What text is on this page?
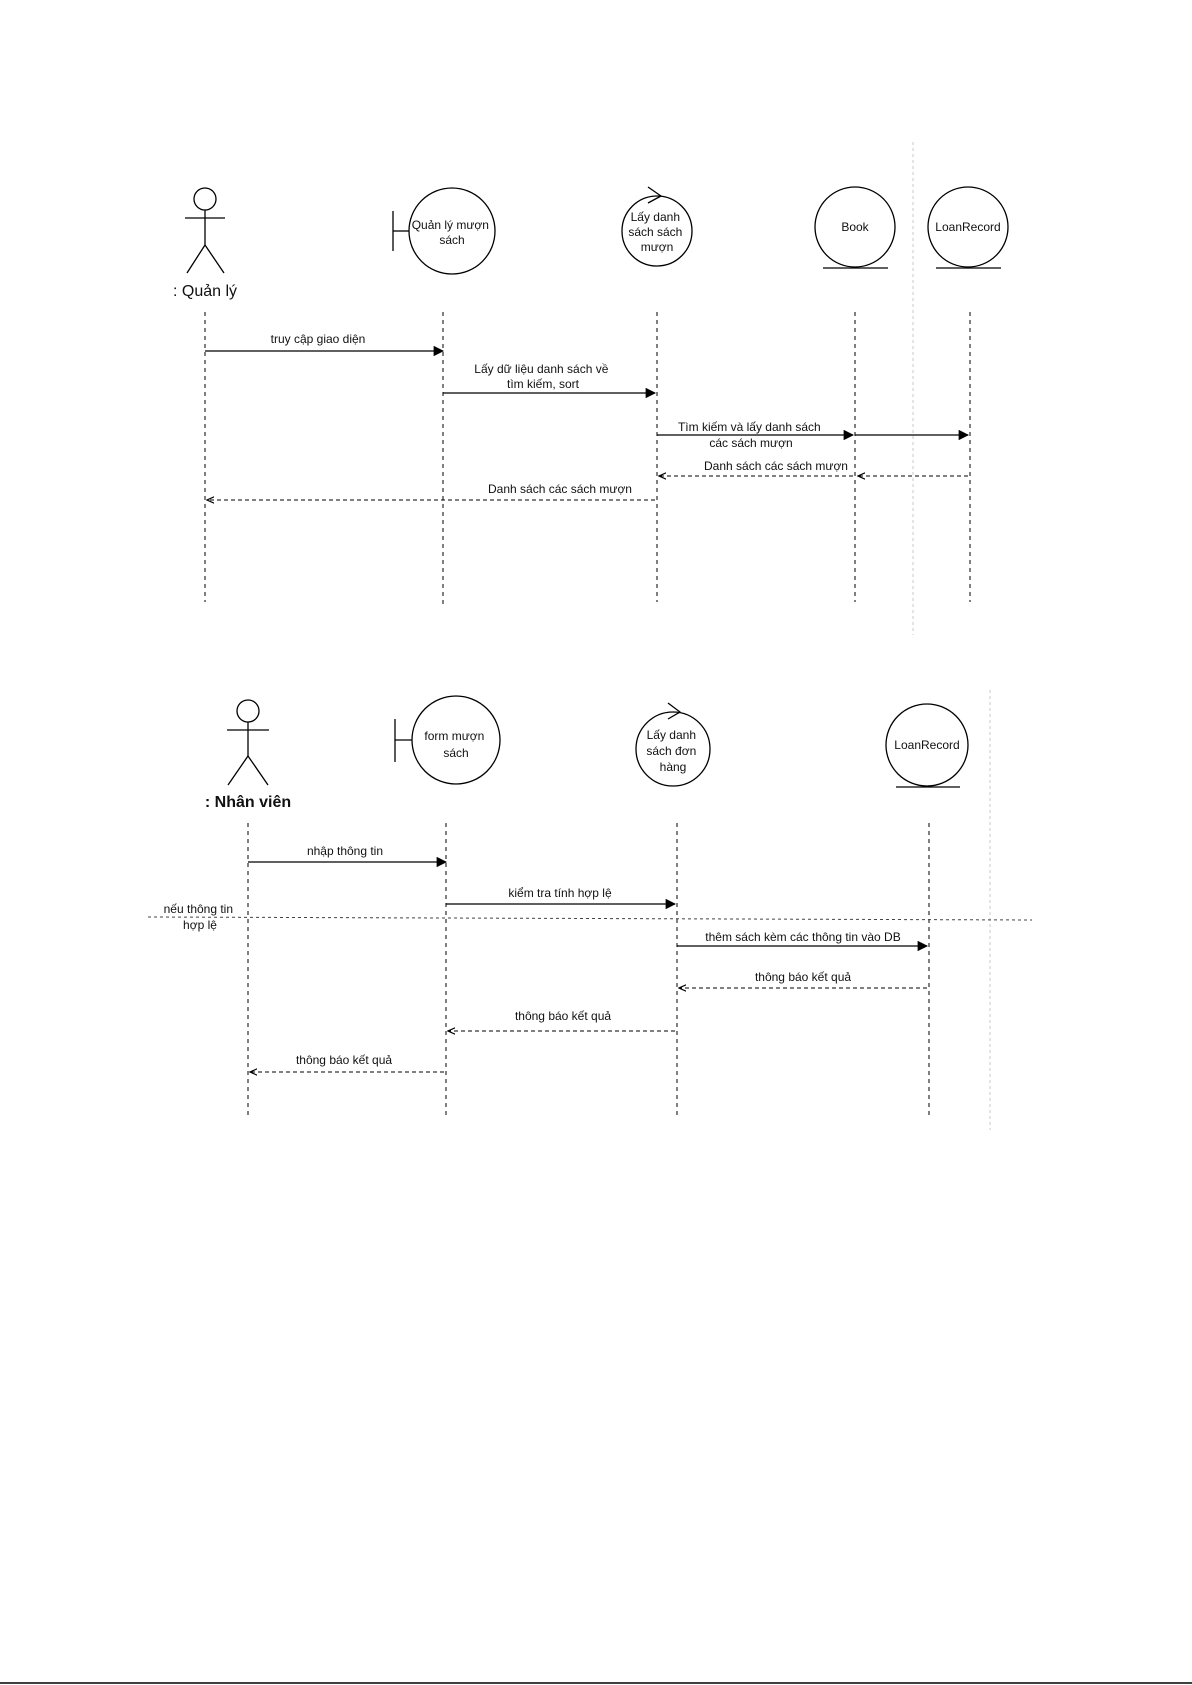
: Quản lý
Quản lý mượn sách
Lấy danh sách sách mượn
Book	LoanRecord
truy cập giao diện
Lấy dữ liệu danh sách về tìm kiếm, sort
Tìm kiếm và lấy danh sách các sách mượn
Danh sách các sách mượn
Danh sách các sách mượn
: Nhân viên
form mượn sách
Lấy danh sách đơn hàng
LoanRecord
nếu thông tin hợp lệ
nhập thông tin
kiểm tra tính hợp lệ
thêm sách kèm các thông tin vào DB
thông báo kết quả
thông báo kết quả
thông báo kết quả
